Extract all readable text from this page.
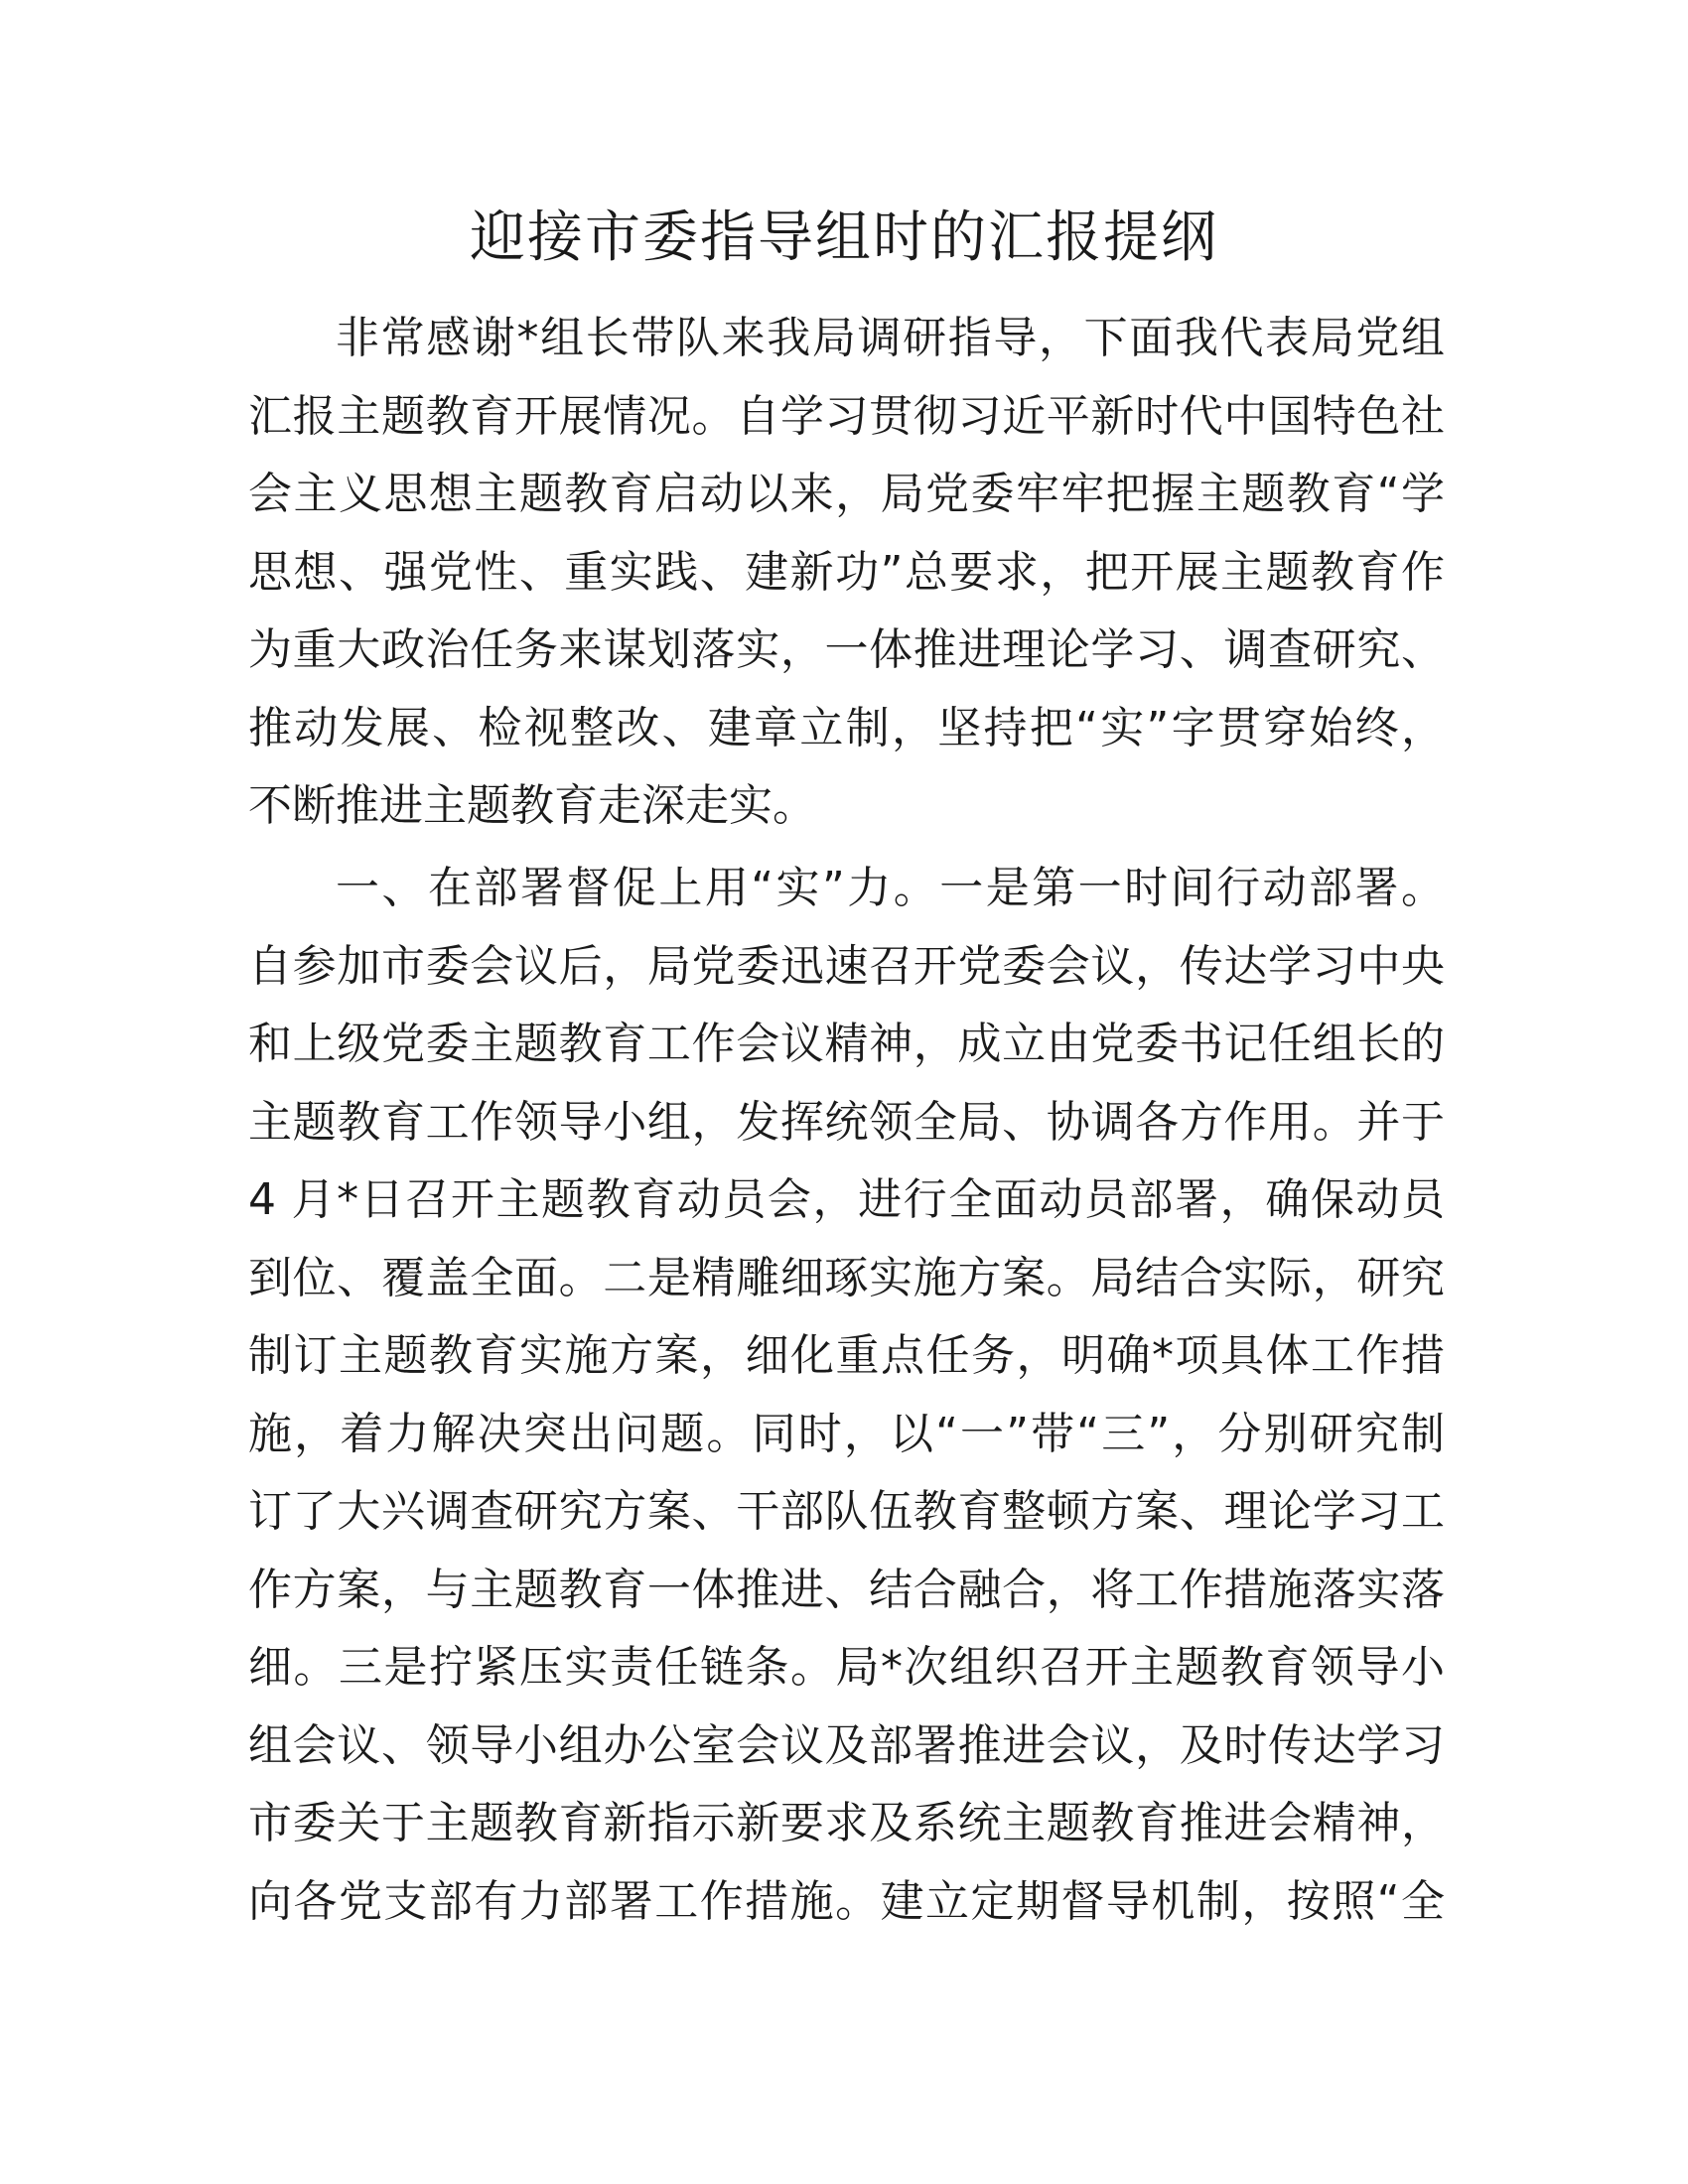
迎接市委指导组时的汇报提纲
非常感谢*组长带队来我局调研指导，下面我代表局党组
汇报主题教育开展情况。自学习贯彻习近平新时代中国特色社
会主义思想主题教育启动以来，局党委牢牢把握主题教育“学
思想、强党性、重实践、建新功”总要求，把开展主题教育作
为重大政治任务来谋划落实，一体推进理论学习、调查研究、
推动发展、检视整改、建章立制，坚持把“实”字贯穿始终，
不断推进主题教育走深走实。
一、在部署督促上用“实”力。一是第一时间行动部署。
自参加市委会议后，局党委迅速召开党委会议，传达学习中央
和上级党委主题教育工作会议精神，成立由党委书记任组长的
主题教育工作领导小组，发挥统领全局、协调各方作用。并于
4 月*日召开主题教育动员会，进行全面动员部署，确保动员
到位、覆盖全面。二是精雕细琢实施方案。局结合实际，研究
制订主题教育实施方案，细化重点任务，明确*项具体工作措
施，着力解决突出问题。同时，以“一”带“三”，分别研究制
订了大兴调查研究方案、干部队伍教育整顿方案、理论学习工
作方案，与主题教育一体推进、结合融合，将工作措施落实落
细。三是拧紧压实责任链条。局*次组织召开主题教育领导小
组会议、领导小组办公室会议及部署推进会议，及时传达学习
市委关于主题教育新指示新要求及系统主题教育推进会精神，
向各党支部有力部署工作措施。建立定期督导机制，按照“全
